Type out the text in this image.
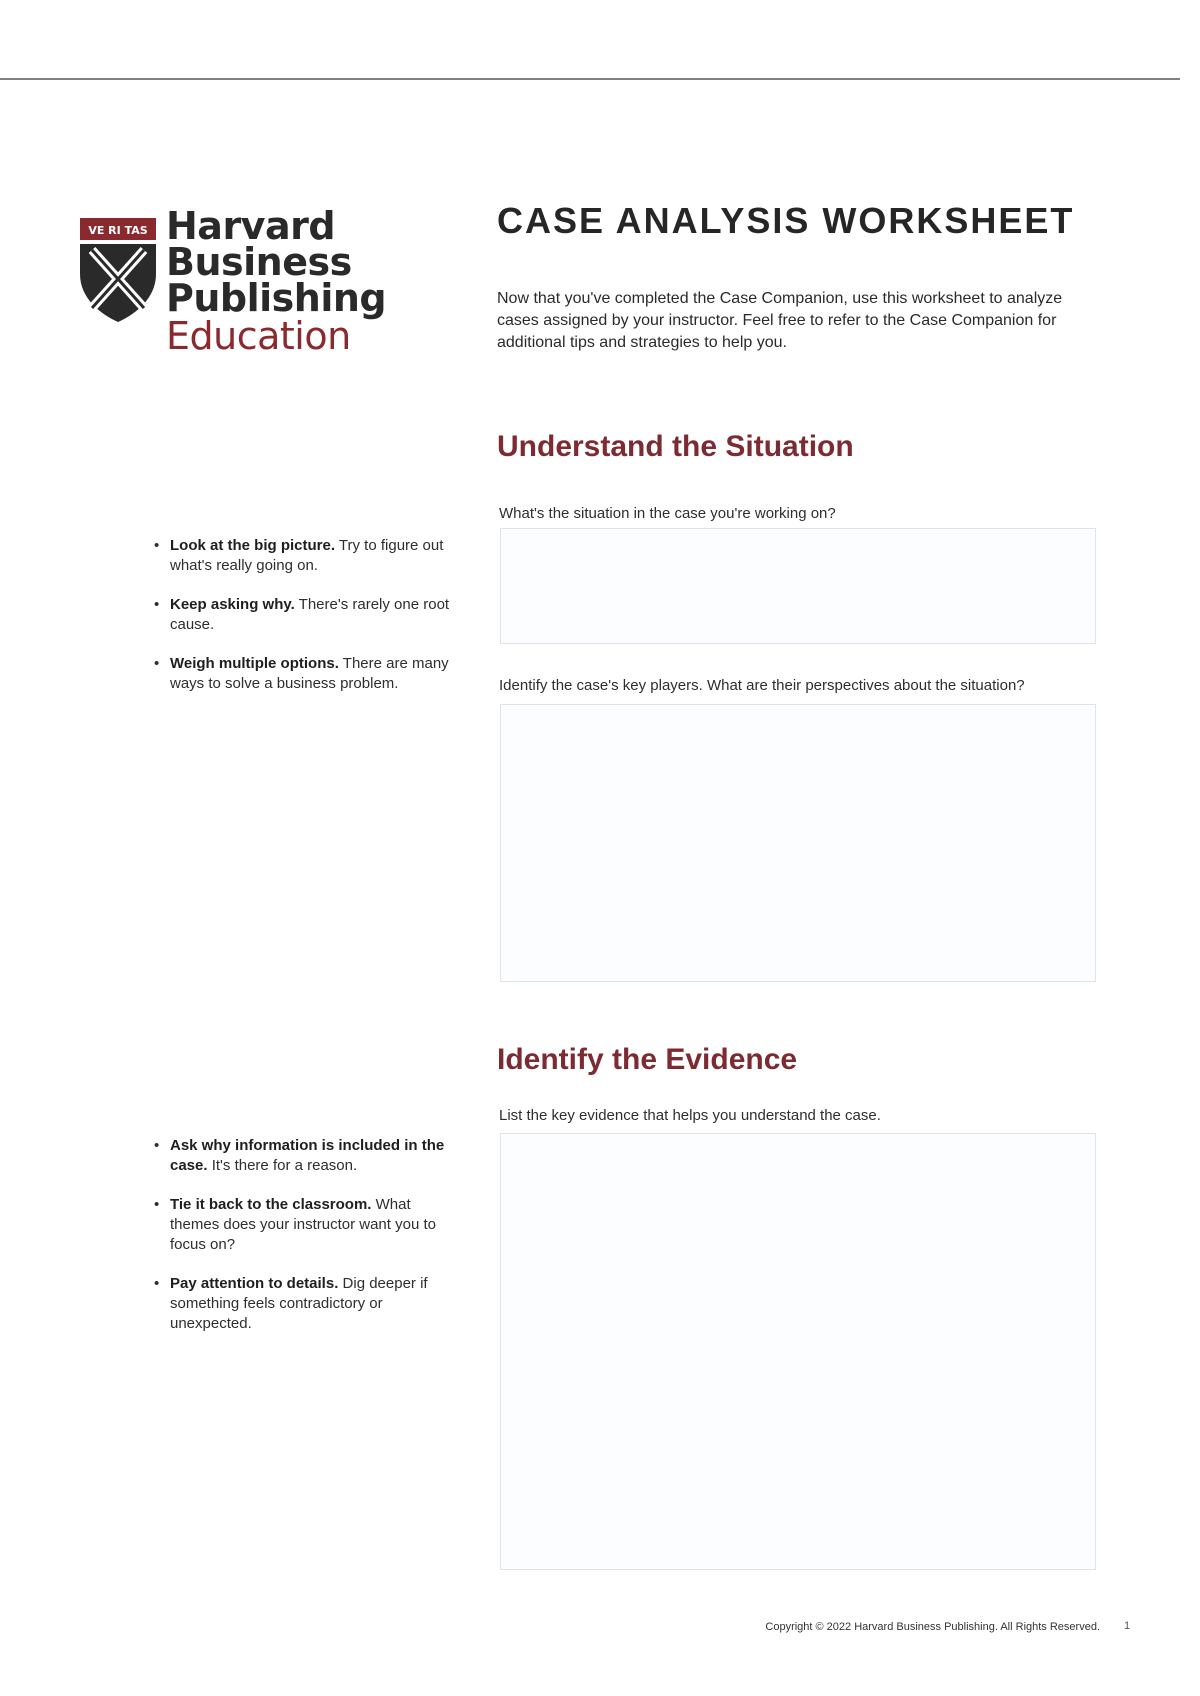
VE RI TAS Harvard
Business
Publishing
Education
CASE ANALYSIS WORKSHEET

Now that you've completed the Case Companion, use this worksheet to analyze cases assigned by your instructor. Feel free to refer to the Case Companion for additional tips and strategies to help you.

Understand the Situation

What's the situation in the case you're working on?

Identify the case's key players. What are their perspectives about the situation?

• Look at the big picture. Try to figure out what's really going on.
• Keep asking why. There's rarely one root cause.
• Weigh multiple options. There are many ways to solve a business problem.
Identify the Evidence

List the key evidence that helps you understand the case.

• Ask why information is included in the case. It's there for a reason.
• Tie it back to the classroom. What themes does your instructor want you to focus on?
• Pay attention to details. Dig deeper if something feels contradictory or unexpected.
Copyright © 2022 Harvard Business Publishing. All Rights Reserved. 1
